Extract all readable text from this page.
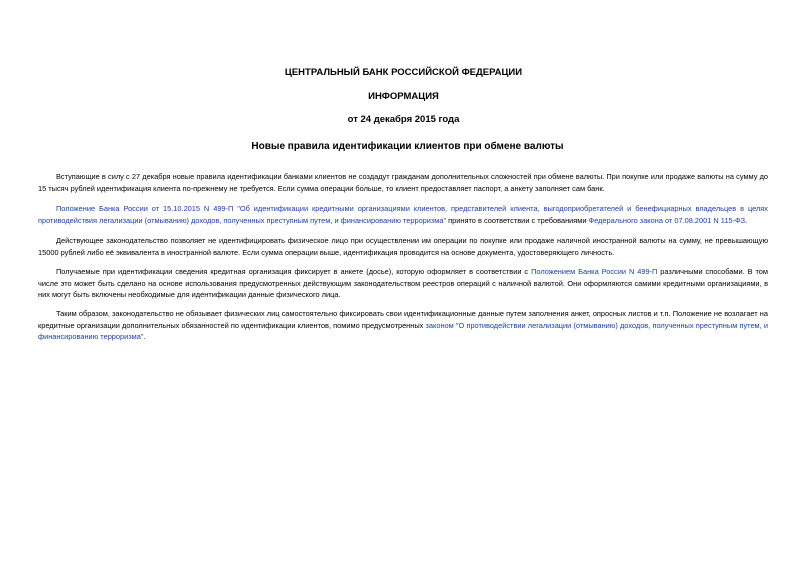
ЦЕНТРАЛЬНЫЙ БАНК РОССИЙСКОЙ ФЕДЕРАЦИИ
ИНФОРМАЦИЯ
от 24 декабря 2015 года
Новые правила идентификации клиентов при обмене валюты

Вступающие в силу с 27 декабря новые правила идентификации банками клиентов не создадут гражданам дополнительных сложностей при обмене валюты. При покупке или продаже валюты на сумму до 15 тысяч рублей идентификация клиента по-прежнему не требуется. Если сумма операции больше, то клиент предоставляет паспорт, а анкету заполняет сам банк.

Положение Банка России от 15.10.2015 N 499-П "Об идентификации кредитными организациями клиентов, представителей клиента, выгодоприобретателей и бенефициарных владельцев в целях противодействия легализации (отмыванию) доходов, полученных преступным путем, и финансированию терроризма" принято в соответствии с требованиями Федерального закона от 07.08.2001 N 115-ФЗ.

Действующее законодательство позволяет не идентифицировать физическое лицо при осуществлении им операции по покупке или продаже наличной иностранной валюты на сумму, не превышающую 15000 рублей либо её эквивалента в иностранной валюте. Если сумма операции выше, идентификация проводится на основе документа, удостоверяющего личность.

Получаемые при идентификации сведения кредитная организация фиксирует в анкете (досье), которую оформляет в соответствии с Положением Банка России N 499-П различными способами. В том числе это может быть сделано на основе использования предусмотренных действующим законодательством реестров операций с наличной валютой. Они оформляются самими кредитными организациями, в них могут быть включены необходимые для идентификации данные физического лица.

Таким образом, законодательство не обязывает физических лиц самостоятельно фиксировать свои идентификационные данные путем заполнения анкет, опросных листов и т.п. Положение не возлагает на кредитные организации дополнительных обязанностей по идентификации клиентов, помимо предусмотренных законом "О противодействии легализации (отмыванию) доходов, полученных преступным путем, и финансированию терроризма".
